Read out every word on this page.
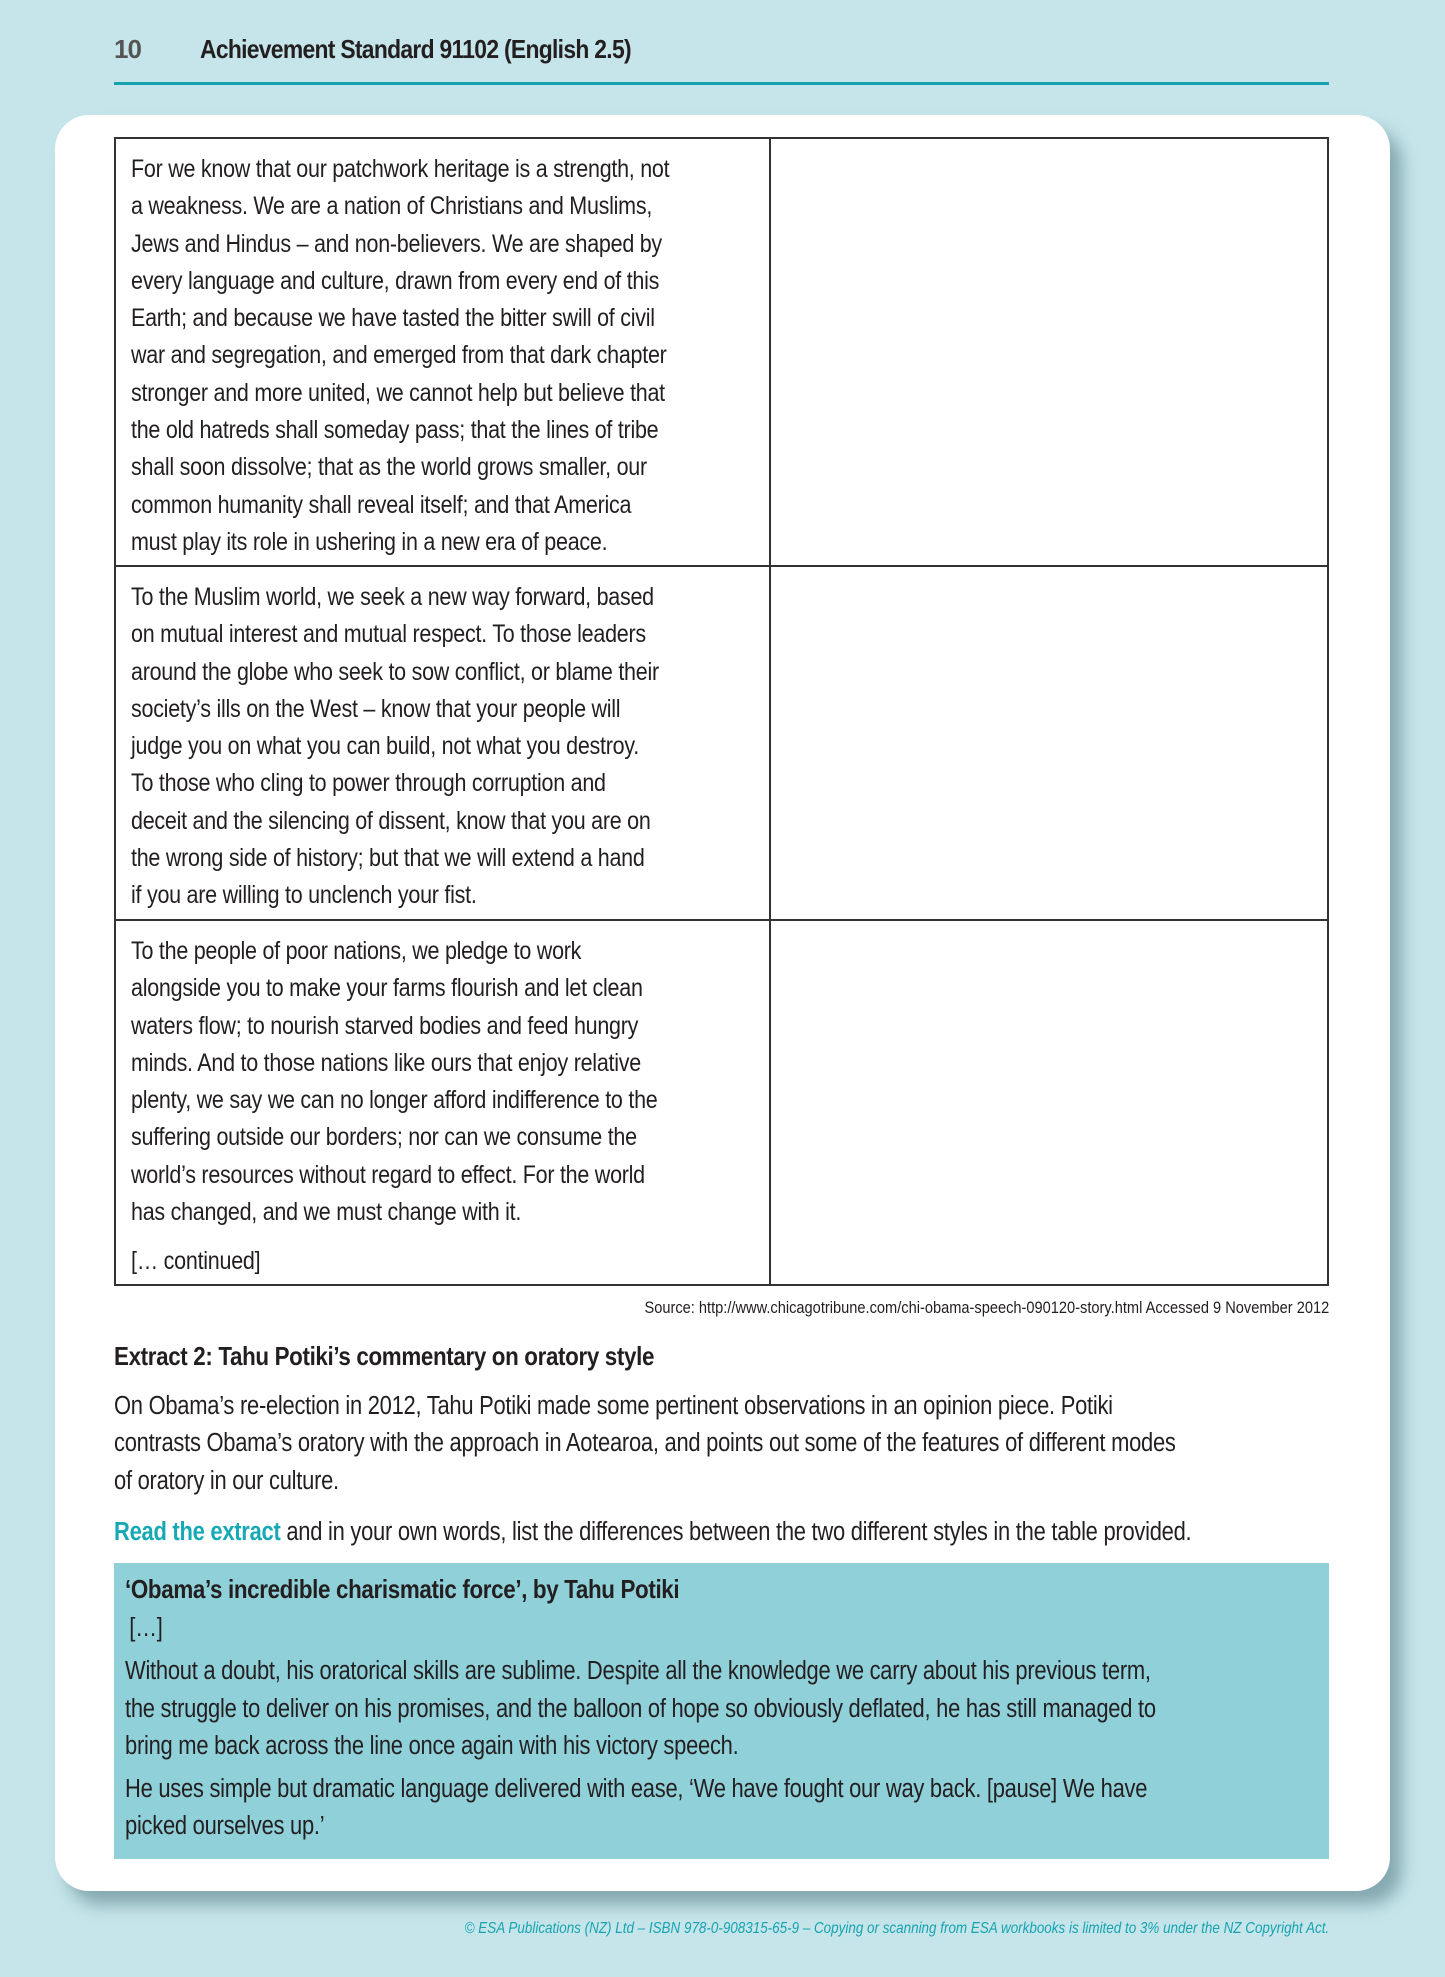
10 Achievement Standard 91102 (English 2.5)
For we know that our patchwork heritage is a strength, not
a weakness. We are a nation of Christians and Muslims,
Jews and Hindus – and non-believers. We are shaped by
every language and culture, drawn from every end of this
Earth; and because we have tasted the bitter swill of civil
war and segregation, and emerged from that dark chapter
stronger and more united, we cannot help but believe that
the old hatreds shall someday pass; that the lines of tribe
shall soon dissolve; that as the world grows smaller, our
common humanity shall reveal itself; and that America
must play its role in ushering in a new era of peace.
To the Muslim world, we seek a new way forward, based
on mutual interest and mutual respect. To those leaders
around the globe who seek to sow conflict, or blame their
society’s ills on the West – know that your people will
judge you on what you can build, not what you destroy.
To those who cling to power through corruption and
deceit and the silencing of dissent, know that you are on
the wrong side of history; but that we will extend a hand
if you are willing to unclench your fist.
To the people of poor nations, we pledge to work
alongside you to make your farms flourish and let clean
waters flow; to nourish starved bodies and feed hungry
minds. And to those nations like ours that enjoy relative
plenty, we say we can no longer afford indifference to the
suffering outside our borders; nor can we consume the
world’s resources without regard to effect. For the world
has changed, and we must change with it.
[… continued]
Source: http://www.chicagotribune.com/chi-obama-speech-090120-story.html Accessed 9 November 2012
Extract 2: Tahu Potiki’s commentary on oratory style
On Obama’s re-election in 2012, Tahu Potiki made some pertinent observations in an opinion piece. Potiki
contrasts Obama’s oratory with the approach in Aotearoa, and points out some of the features of different modes
of oratory in our culture.
Read the extract and in your own words, list the differences between the two different styles in the table provided.
‘Obama’s incredible charismatic force’, by Tahu Potiki
[…]
Without a doubt, his oratorical skills are sublime. Despite all the knowledge we carry about his previous term,
the struggle to deliver on his promises, and the balloon of hope so obviously deflated, he has still managed to
bring me back across the line once again with his victory speech.
He uses simple but dramatic language delivered with ease, ‘We have fought our way back. [pause] We have
picked ourselves up.’
© ESA Publications (NZ) Ltd – ISBN 978-0-908315-65-9 – Copying or scanning from ESA workbooks is limited to 3% under the NZ Copyright Act.
